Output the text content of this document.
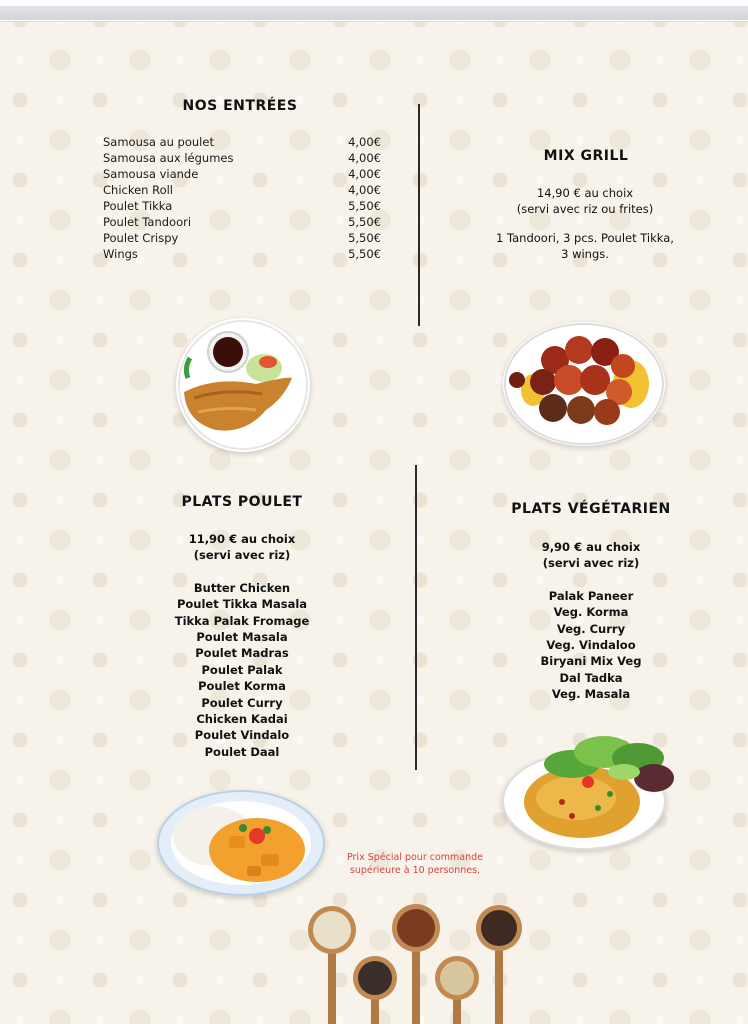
NOS ENTRÉES
Samousa au poulet	4,00€
Samousa aux légumes	4,00€
Samousa viande	4,00€
Chicken Roll	4,00€
Poulet Tikka	5,50€
Poulet Tandoori	5,50€
Poulet Crispy	5,50€
Wings	5,50€
MIX GRILL
14,90 € au choix
(servi avec riz ou frites)
1 Tandoori, 3 pcs. Poulet Tikka,
3 wings.
PLATS POULET
11,90 € au choix
(servi avec riz)
Butter Chicken
Poulet Tikka Masala
Tikka Palak Fromage
Poulet Masala
Poulet Madras
Poulet Palak
Poulet Korma
Poulet Curry
Chicken Kadai
Poulet Vindalo
Poulet Daal
PLATS VÉGÉTARIEN
9,90 € au choix
(servi avec riz)
Palak Paneer
Veg. Korma
Veg. Curry
Veg. Vindaloo
Biryani Mix Veg
Dal Tadka
Veg. Masala
Prix Spécial pour commande
supérieure à 10 personnes.
